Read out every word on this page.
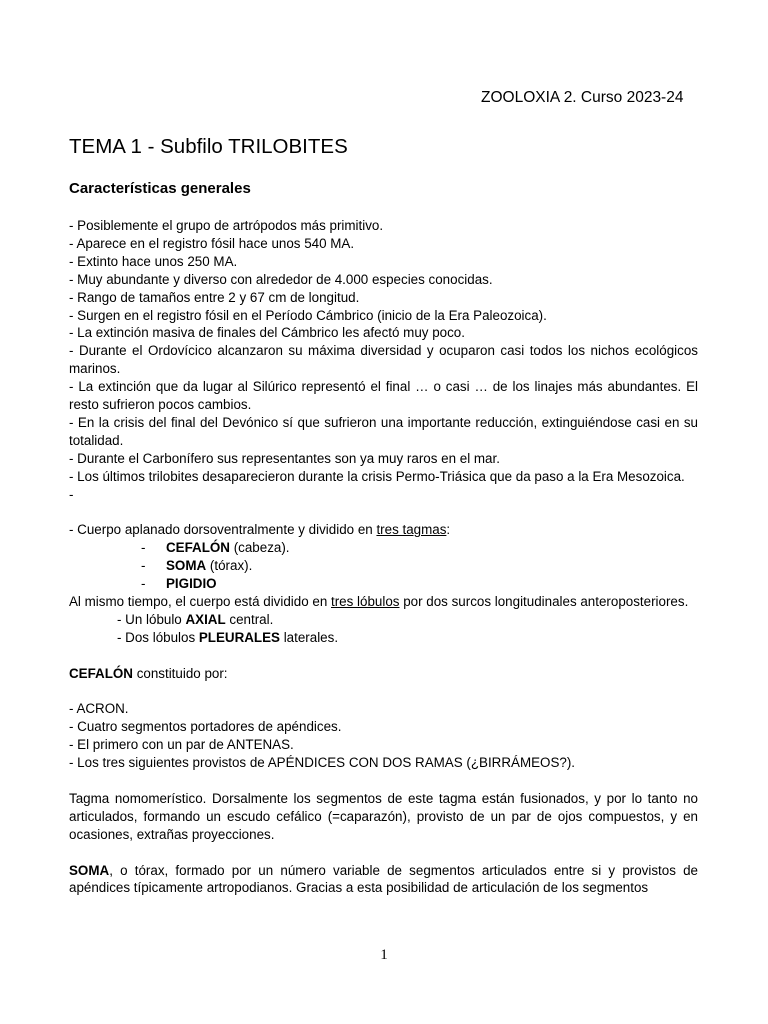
ZOOLOXIA 2. Curso 2023-24
TEMA 1 - Subfilo TRILOBITES
Características generales

- Posiblemente el grupo de artrópodos más primitivo.

- Aparece en el registro fósil hace unos 540 MA.

- Extinto hace unos 250 MA.

- Muy abundante y diverso con alrededor de 4.000 especies conocidas.

- Rango de tamaños entre 2 y 67 cm de longitud.

- Surgen en el registro fósil en el Período Cámbrico (inicio de la Era Paleozoica).

- La extinción masiva de finales del Cámbrico les afectó muy poco.

- Durante el Ordovícico alcanzaron su máxima diversidad y ocuparon casi todos los nichos ecológicos marinos.

- La extinción que da lugar al Silúrico representó el final … o casi … de los linajes más abundantes. El resto sufrieron pocos cambios.

- En la crisis del final del Devónico sí que sufrieron una importante reducción, extinguiéndose casi en su totalidad.

- Durante el Carbonífero sus representantes son ya muy raros en el mar.

- Los últimos trilobites desaparecieron durante la crisis Permo-Triásica que da paso a la Era Mesozoica.

-

- Cuerpo aplanado dorsoventralmente y dividido en tres tagmas:

- CEFALÓN (cabeza).

- SOMA (tórax).

- PIGIDIO

Al mismo tiempo, el cuerpo está dividido en tres lóbulos por dos surcos longitudinales anteroposteriores.

- Un lóbulo AXIAL central.

- Dos lóbulos PLEURALES laterales.

CEFALÓN constituido por:

- ACRON.

- Cuatro segmentos portadores de apéndices.

- El primero con un par de ANTENAS.

- Los tres siguientes provistos de APÉNDICES CON DOS RAMAS (¿BIRRÁMEOS?).

Tagma nomomerístico. Dorsalmente los segmentos de este tagma están fusionados, y por lo tanto no articulados, formando un escudo cefálico (=caparazón), provisto de un par de ojos compuestos, y en ocasiones, extrañas proyecciones.

SOMA, o tórax, formado por un número variable de segmentos articulados entre si y provistos de apéndices típicamente artropodianos. Gracias a esta posibilidad de articulación de los segmentos

1
